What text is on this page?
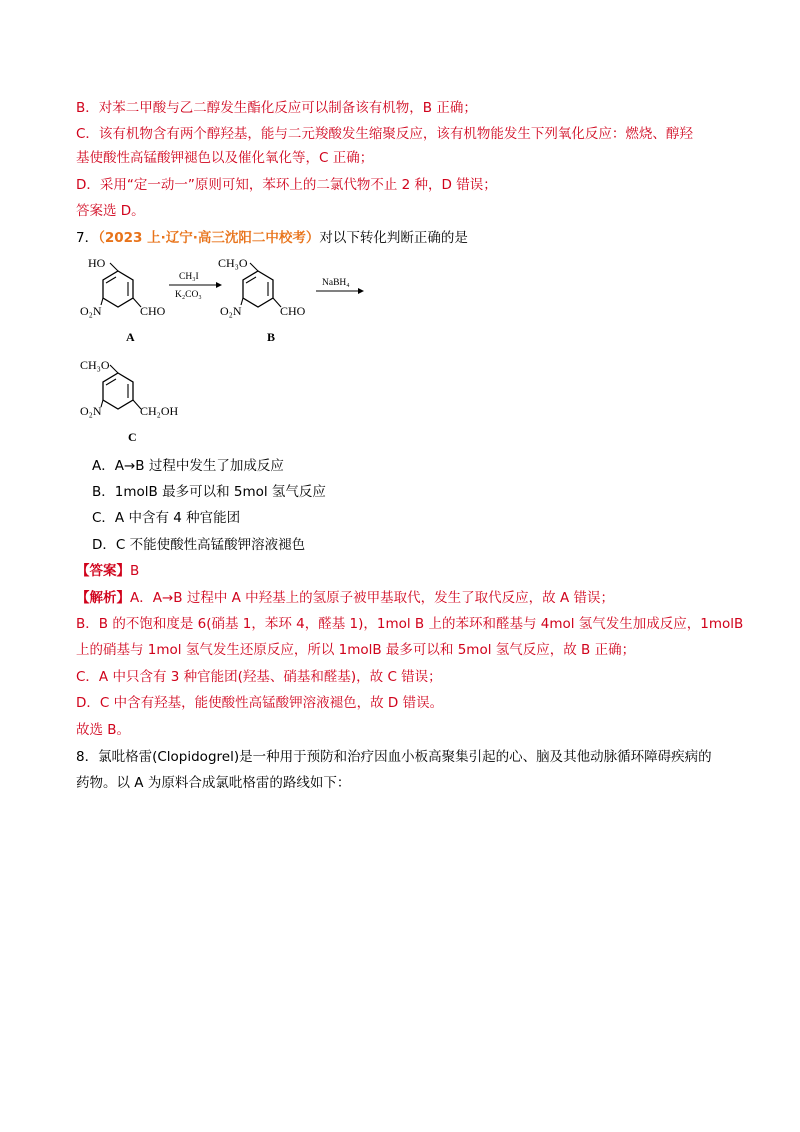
B．对苯二甲酸与乙二醇发生酯化反应可以制备该有机物，B 正确；
C．该有机物含有两个醇羟基，能与二元羧酸发生缩聚反应，该有机物能发生下列氧化反应：燃烧、醇羟
基使酸性高锰酸钾褪色以及催化氧化等，C 正确；
D．采用“定一动一”原则可知，苯环上的二氯代物不止 2 种，D 错误；
答案选 D。
7．（2023 上·辽宁·高三沈阳二中校考）对以下转化判断正确的是
HO
O₂N	CHO
A
CH₃I
K₂CO₃
CH₃O
O₂N	CHO
B
NaBH₄
CH₃O
O₂N	CH₂OH
C
A．A→B 过程中发生了加成反应
B．1molB 最多可以和 5mol 氢气反应
C．A 中含有 4 种官能团
D．C 不能使酸性高锰酸钾溶液褪色
【答案】B
【解析】A．A→B 过程中 A 中羟基上的氢原子被甲基取代，发生了取代反应，故 A 错误；
B．B 的不饱和度是 6(硝基 1，苯环 4，醛基 1)，1mol B 上的苯环和醛基与 4mol 氢气发生加成反应，1molB
上的硝基与 1mol 氢气发生还原反应，所以 1molB 最多可以和 5mol 氢气反应，故 B 正确；
C．A 中只含有 3 种官能团(羟基、硝基和醛基)，故 C 错误；
D．C 中含有羟基，能使酸性高锰酸钾溶液褪色，故 D 错误。
故选 B。
8．氯吡格雷(Clopidogrel)是一种用于预防和治疗因血小板高聚集引起的心、脑及其他动脉循环障碍疾病的
药物。以 A 为原料合成氯吡格雷的路线如下：
